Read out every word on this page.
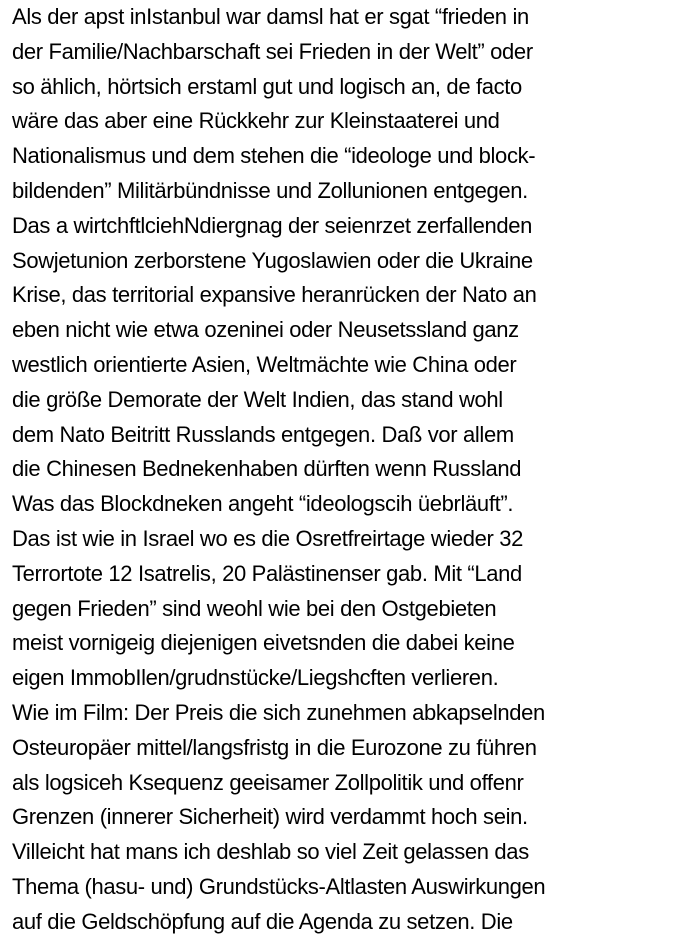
Als der apst inIstanbul war damsl hat er sgat “frieden in
der Familie/Nachbarschaft sei Frieden in der Welt” oder
so ählich, hörtsich erstaml gut und logisch an, de facto
wäre das aber eine Rückkehr zur Kleinstaaterei und
Nationalismus und dem stehen die “ideologe und block-
bildenden” Militärbündnisse und Zollunionen entgegen.
Das a wirtchftlciehNdiergnag der seienrzet zerfallenden
Sowjetunion zerborstene Yugoslawien oder die Ukraine
Krise, das territorial expansive heranrücken der Nato an
eben nicht wie etwa ozeninei oder Neusetssland ganz
westlich orientierte Asien, Weltmächte wie China oder
die größe Demorate der Welt Indien, das stand wohl
dem Nato Beitritt Russlands entgegen. Daß vor allem
die Chinesen Bednekenhaben dürften wenn Russland
Was das Blockdneken angeht “ideologscih üebrläuft”.
Das ist wie in Israel wo es die Osretfreirtage wieder 32
Terrortote 12 Isatrelis, 20 Palästinenser gab. Mit “Land
gegen Frieden” sind weohl wie bei den Ostgebieten
meist vornigeig diejenigen eivetsnden die dabei keine
eigen ImmobIlen/grudnstücke/Liegshcften verlieren.
Wie im Film: Der Preis die sich zunehmen abkapselnden
Osteuropäer mittel/langsfristg in die Eurozone zu führen
als logsiceh Ksequenz geeisamer Zollpolitik und offenr
Grenzen (innerer Sicherheit) wird verdammt hoch sein.
Villeicht hat mans ich deshlab so viel Zeit gelassen das
Thema (hasu- und) Grundstücks-Altlasten Auswirkungen
auf die Geldschöpfung auf die Agenda zu setzen. Die
